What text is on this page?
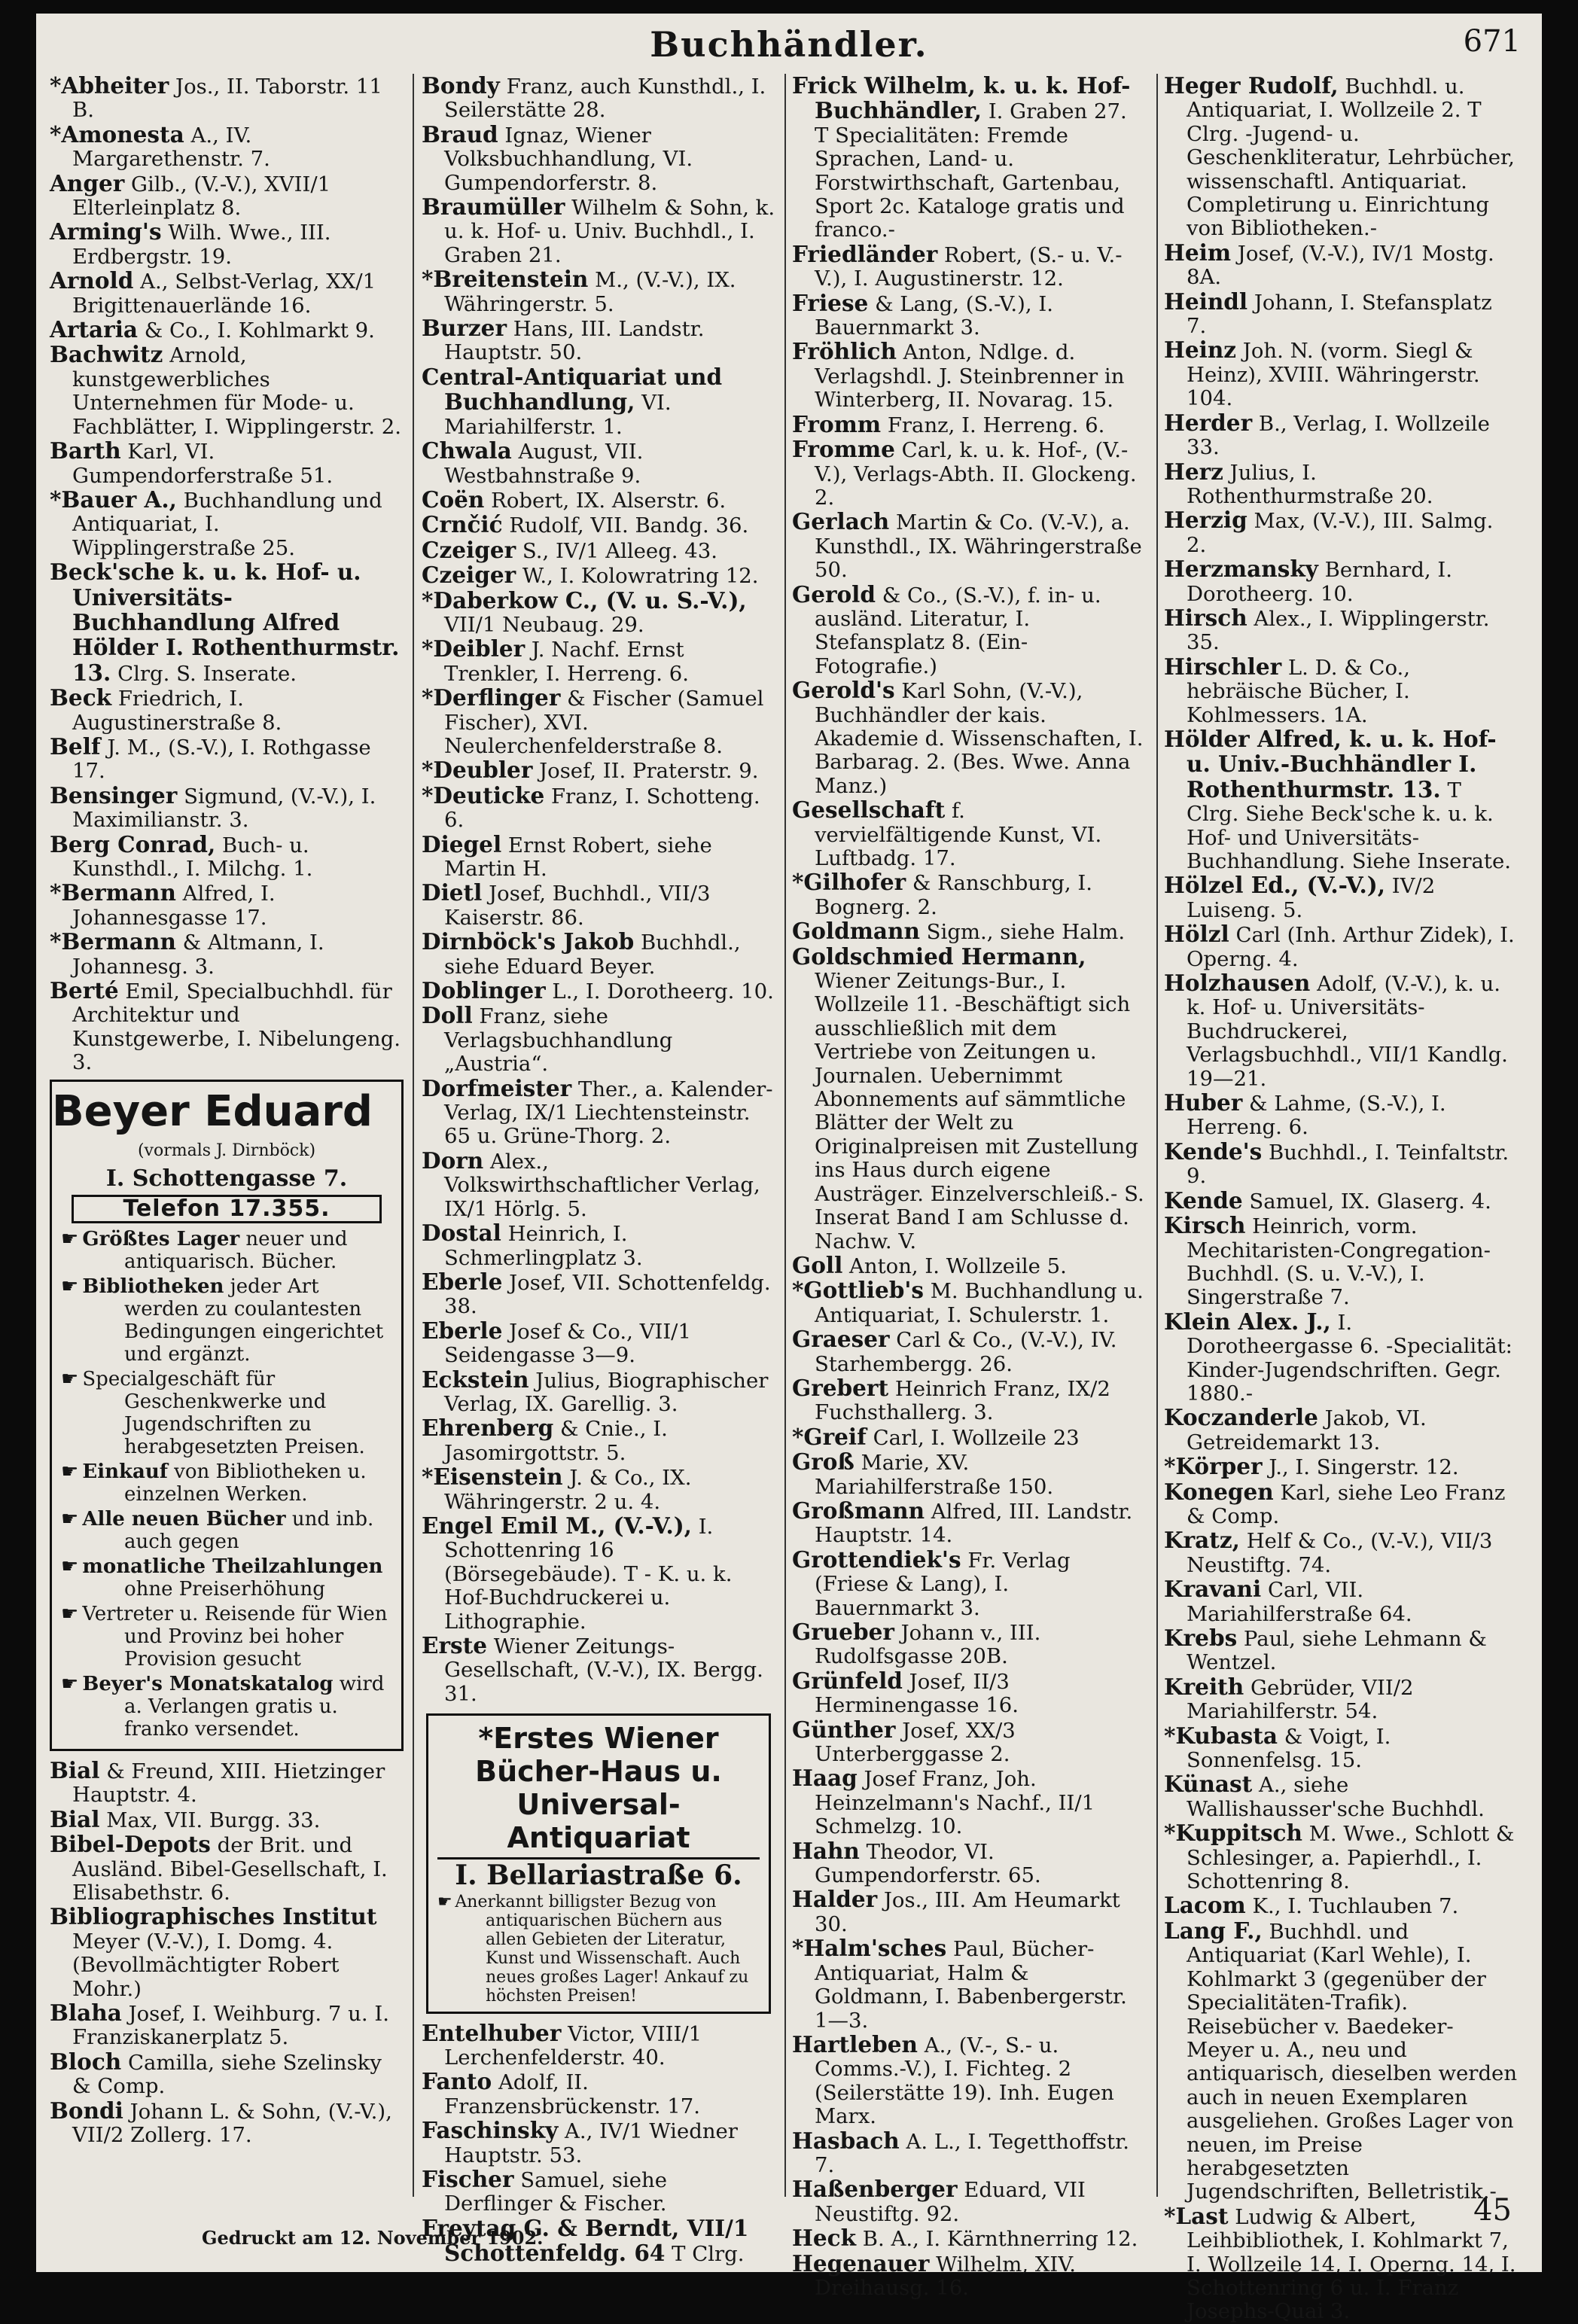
Buchhändler.	671
*Abheiter Jos., II. Taborstr. 11 B.
*Amonesta A., IV. Margarethenstr. 7.
Anger Gilb., (V.-V.), XVII/1 Elterleinplatz 8.
Arming's Wilh. Wwe., III. Erdbergstr. 19.
Arnold A., Selbst-Verlag, XX/1 Brigittenauerlände 16.
Artaria & Co., I. Kohlmarkt 9.
Bachwitz Arnold, kunstgewerbliches Unternehmen für Mode- u. Fachblätter, I. Wipplingerstr. 2.
Barth Karl, VI. Gumpendorferstraße 51.
*Bauer A., Buchhandlung und Antiquariat, I. Wipplingerstraße 25.
Beck'sche k. u. k. Hof- u. Universitäts-Buchhandlung Alfred Hölder I. Rothenthurmstr. 13. Clrg. S. Inserate.
Beck Friedrich, I. Augustinerstraße 8.
Belf J. M., (S.-V.), I. Rothgasse 17.
Bensinger Sigmund, (V.-V.), I. Maximilianstr. 3.
Berg Conrad, Buch- u. Kunsthdl., I. Milchg. 1.
*Bermann Alfred, I. Johannesgasse 17.
*Bermann & Altmann, I. Johannesg. 3.
Berté Emil, Specialbuchhdl. für Architektur und Kunstgewerbe, I. Nibelungeng. 3.
Beyer Eduard
(vormals J. Dirnböck)
I. Schottengasse 7.
Telefon 17.355.
☛ Größtes Lager neuer und antiquarisch. Bücher.
☛ Bibliotheken jeder Art werden zu coulantesten Bedingungen eingerichtet und ergänzt.
☛ Specialgeschäft für Geschenkwerke und Jugendschriften zu herabgesetzten Preisen.
☛ Einkauf von Bibliotheken u. einzelnen Werken.
☛ Alle neuen Bücher und inb. auch gegen
☛ monatliche Theilzahlungen ohne Preiserhöhung
☛ Vertreter u. Reisende für Wien und Provinz bei hoher Provision gesucht
☛ Beyer's Monatskatalog wird a. Verlangen gratis u. franko versendet.
Bial & Freund, XIII. Hietzinger Hauptstr. 4.
Bial Max, VII. Burgg. 33.
Bibel-Depots der Brit. und Ausländ. Bibel-Gesellschaft, I. Elisabethstr. 6.
Bibliographisches Institut Meyer (V.-V.), I. Domg. 4. (Bevollmächtigter Robert Mohr.)
Blaha Josef, I. Weihburg. 7 u. I. Franziskanerplatz 5.
Bloch Camilla, siehe Szelinsky & Comp.
Bondi Johann L. & Sohn, (V.-V.), VII/2 Zollerg. 17.
Bondy Franz, auch Kunsthdl., I. Seilerstätte 28.
Braud Ignaz, Wiener Volksbuchhandlung, VI. Gumpendorferstr. 8.
Braumüller Wilhelm & Sohn, k. u. k. Hof- u. Univ. Buchhdl., I. Graben 21.
*Breitenstein M., (V.-V.), IX. Währingerstr. 5.
Burzer Hans, III. Landstr. Hauptstr. 50.
Central-Antiquariat und Buchhandlung, VI. Mariahilferstr. 1.
Chwala August, VII. Westbahnstraße 9.
Coën Robert, IX. Alserstr. 6.
Crnčić Rudolf, VII. Bandg. 36.
Czeiger S., IV/1 Alleeg. 43.
Czeiger W., I. Kolowratring 12.
*Daberkow C., (V. u. S.-V.), VII/1 Neubaug. 29.
*Deibler J. Nachf. Ernst Trenkler, I. Herreng. 6.
*Derflinger & Fischer (Samuel Fischer), XVI. Neulerchenfelderstraße 8.
*Deubler Josef, II. Praterstr. 9.
*Deuticke Franz, I. Schotteng. 6.
Diegel Ernst Robert, siehe Martin H.
Dietl Josef, Buchhdl., VII/3 Kaiserstr. 86.
Dirnböck's Jakob Buchhdl., siehe Eduard Beyer.
Doblinger L., I. Dorotheerg. 10.
Doll Franz, siehe Verlagsbuchhandlung „Austria“.
Dorfmeister Ther., a. Kalender-Verlag, IX/1 Liechtensteinstr. 65 u. Grüne-Thorg. 2.
Dorn Alex., Volkswirthschaftlicher Verlag, IX/1 Hörlg. 5.
Dostal Heinrich, I. Schmerlingplatz 3.
Eberle Josef, VII. Schottenfeldg. 38.
Eberle Josef & Co., VII/1 Seidengasse 3—9.
Eckstein Julius, Biographischer Verlag, IX. Garellig. 3.
Ehrenberg & Cnie., I. Jasomirgottstr. 5.
*Eisenstein J. & Co., IX. Währingerstr. 2 u. 4.
Engel Emil M., (V.-V.), I. Schottenring 16 (Börsegebäude). T - K. u. k. Hof-Buchdruckerei u. Lithographie.
Erste Wiener Zeitungs-Gesellschaft, (V.-V.), IX. Bergg. 31.
*Erstes Wiener Bücher-Haus u. Universal-Antiquariat
I. Bellariastraße 6.
☛ Anerkannt billigster Bezug von antiquarischen Büchern aus allen Gebieten der Literatur, Kunst und Wissenschaft. Auch neues großes Lager! Ankauf zu höchsten Preisen!
Entelhuber Victor, VIII/1 Lerchenfelderstr. 40.
Fanto Adolf, II. Franzensbrückenstr. 17.
Faschinsky A., IV/1 Wiedner Hauptstr. 53.
Fischer Samuel, siehe Derflinger & Fischer.
Freytag G. & Berndt, VII/1 Schottenfeldg. 64 T Clrg.
Frick Wilhelm, k. u. k. Hof-Buchhändler, I. Graben 27. T Specialitäten: Fremde Sprachen, Land- u. Forstwirthschaft, Gartenbau, Sport 2c. Kataloge gratis und franco.-
Friedländer Robert, (S.- u. V.-V.), I. Augustinerstr. 12.
Friese & Lang, (S.-V.), I. Bauernmarkt 3.
Fröhlich Anton, Ndlge. d. Verlagshdl. J. Steinbrenner in Winterberg, II. Novarag. 15.
Fromm Franz, I. Herreng. 6.
Fromme Carl, k. u. k. Hof-, (V.-V.), Verlags-Abth. II. Glockeng. 2.
Gerlach Martin & Co. (V.-V.), a. Kunsthdl., IX. Währingerstraße 50.
Gerold & Co., (S.-V.), f. in- u. ausländ. Literatur, I. Stefansplatz 8. (Ein-Fotografie.)
Gerold's Karl Sohn, (V.-V.), Buchhändler der kais. Akademie d. Wissenschaften, I. Barbarag. 2. (Bes. Wwe. Anna Manz.)
Gesellschaft f. vervielfältigende Kunst, VI. Luftbadg. 17.
*Gilhofer & Ranschburg, I. Bognerg. 2.
Goldmann Sigm., siehe Halm.
Goldschmied Hermann, Wiener Zeitungs-Bur., I. Wollzeile 11. -Beschäftigt sich ausschließlich mit dem Vertriebe von Zeitungen u. Journalen. Uebernimmt Abonnements auf sämmtliche Blätter der Welt zu Originalpreisen mit Zustellung ins Haus durch eigene Austräger. Einzelverschleiß.- S. Inserat Band I am Schlusse d. Nachw. V.
Goll Anton, I. Wollzeile 5.
*Gottlieb's M. Buchhandlung u. Antiquariat, I. Schulerstr. 1.
Graeser Carl & Co., (V.-V.), IV. Starhembergg. 26.
Grebert Heinrich Franz, IX/2 Fuchsthallerg. 3.
*Greif Carl, I. Wollzeile 23
Groß Marie, XV. Mariahilferstraße 150.
Großmann Alfred, III. Landstr. Hauptstr. 14.
Grottendiek's Fr. Verlag (Friese & Lang), I. Bauernmarkt 3.
Grueber Johann v., III. Rudolfsgasse 20B.
Grünfeld Josef, II/3 Herminengasse 16.
Günther Josef, XX/3 Unterberggasse 2.
Haag Josef Franz, Joh. Heinzelmann's Nachf., II/1 Schmelzg. 10.
Hahn Theodor, VI. Gumpendorferstr. 65.
Halder Jos., III. Am Heumarkt 30.
*Halm'sches Paul, Bücher-Antiquariat, Halm & Goldmann, I. Babenbergerstr. 1—3.
Hartleben A., (V.-, S.- u. Comms.-V.), I. Fichteg. 2 (Seilerstätte 19). Inh. Eugen Marx.
Hasbach A. L., I. Tegetthoffstr. 7.
Haßenberger Eduard, VII Neustiftg. 92.
Heck B. A., I. Kärnthnerring 12.
Hegenauer Wilhelm, XIV. Dreihausg. 16.
Heger Rudolf, Buchhdl. u. Antiquariat, I. Wollzeile 2. T Clrg. -Jugend- u. Geschenkliteratur, Lehrbücher, wissenschaftl. Antiquariat. Completirung u. Einrichtung von Bibliotheken.-
Heim Josef, (V.-V.), IV/1 Mostg. 8A.
Heindl Johann, I. Stefansplatz 7.
Heinz Joh. N. (vorm. Siegl & Heinz), XVIII. Währingerstr. 104.
Herder B., Verlag, I. Wollzeile 33.
Herz Julius, I. Rothenthurmstraße 20.
Herzig Max, (V.-V.), III. Salmg. 2.
Herzmansky Bernhard, I. Dorotheerg. 10.
Hirsch Alex., I. Wipplingerstr. 35.
Hirschler L. D. & Co., hebräische Bücher, I. Kohlmessers. 1A.
Hölder Alfred, k. u. k. Hof- u. Univ.-Buchhändler I. Rothenthurmstr. 13. T Clrg. Siehe Beck'sche k. u. k. Hof- und Universitäts-Buchhandlung. Siehe Inserate.
Hölzel Ed., (V.-V.), IV/2 Luiseng. 5.
Hölzl Carl (Inh. Arthur Zidek), I. Operng. 4.
Holzhausen Adolf, (V.-V.), k. u. k. Hof- u. Universitäts-Buchdruckerei, Verlagsbuchhdl., VII/1 Kandlg. 19—21.
Huber & Lahme, (S.-V.), I. Herreng. 6.
Kende's Buchhdl., I. Teinfaltstr. 9.
Kende Samuel, IX. Glaserg. 4.
Kirsch Heinrich, vorm. Mechitaristen-Congregation-Buchhdl. (S. u. V.-V.), I. Singerstraße 7.
Klein Alex. J., I. Dorotheergasse 6. -Specialität: Kinder-Jugendschriften. Gegr. 1880.-
Koczanderle Jakob, VI. Getreidemarkt 13.
*Körper J., I. Singerstr. 12.
Konegen Karl, siehe Leo Franz & Comp.
Kratz, Helf & Co., (V.-V.), VII/3 Neustiftg. 74.
Kravani Carl, VII. Mariahilferstraße 64.
Krebs Paul, siehe Lehmann & Wentzel.
Kreith Gebrüder, VII/2 Mariahilferstr. 54.
*Kubasta & Voigt, I. Sonnenfelsg. 15.
Künast A., siehe Wallishausser'sche Buchhdl.
*Kuppitsch M. Wwe., Schlott & Schlesinger, a. Papierhdl., I. Schottenring 8.
Lacom K., I. Tuchlauben 7.
Lang F., Buchhdl. und Antiquariat (Karl Wehle), I. Kohlmarkt 3 (gegenüber der Specialitäten-Trafik). Reisebücher v. Baedeker-Meyer u. A., neu und antiquarisch, dieselben werden auch in neuen Exemplaren ausgeliehen. Großes Lager von neuen, im Preise herabgesetzten Jugendschriften, Belletristik.-
*Last Ludwig & Albert, Leihbibliothek, I. Kohlmarkt 7, I. Wollzeile 14, I. Operng. 14, I. Schottenring 6 u. I. Franz Josephs-Quai 3.
Gedruckt am 12. November 1902.
45
